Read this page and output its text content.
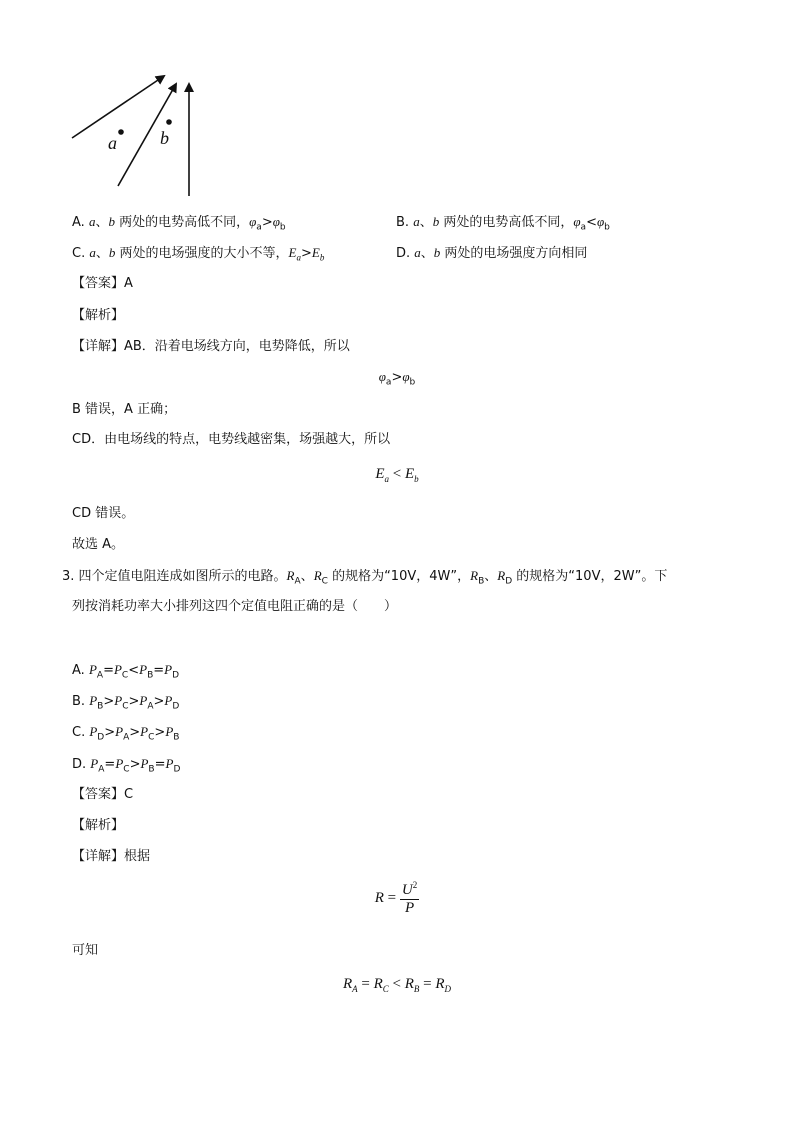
a b
A. a、b 两处的电势高低不同，$\varphi_a>\varphi_b$	B. a、b 两处的电势高低不同，$\varphi_a<\varphi_b$
C. a、b 两处的电场强度的大小不等，$E_a>E_b$	D. a、b 两处的电场强度方向相同
【答案】A
【解析】
【详解】AB．沿着电场线方向，电势降低，所以
$\varphi_a>\varphi_b$
B 错误，A 正确；
CD．由电场线的特点，电势线越密集，场强越大，所以
$E_a < E_b$
CD 错误。
故选 A。
3. 四个定值电阻连成如图所示的电路。$R_A$、$R_C$ 的规格为“10V，4W”，$R_B$、$R_D$ 的规格为“10V，2W”。下
列按消耗功率大小排列这四个定值电阻正确的是（　　）
A. $P_A=P_C<P_B=P_D$
B. $P_B>P_C>P_A>P_D$
C. $P_D>P_A>P_C>P_B$
D. $P_A=P_C>P_B=P_D$
【答案】C
【解析】
【详解】根据
$R = \frac{U^2}{P}$
可知
$R_A = R_C < R_B = R_D$
